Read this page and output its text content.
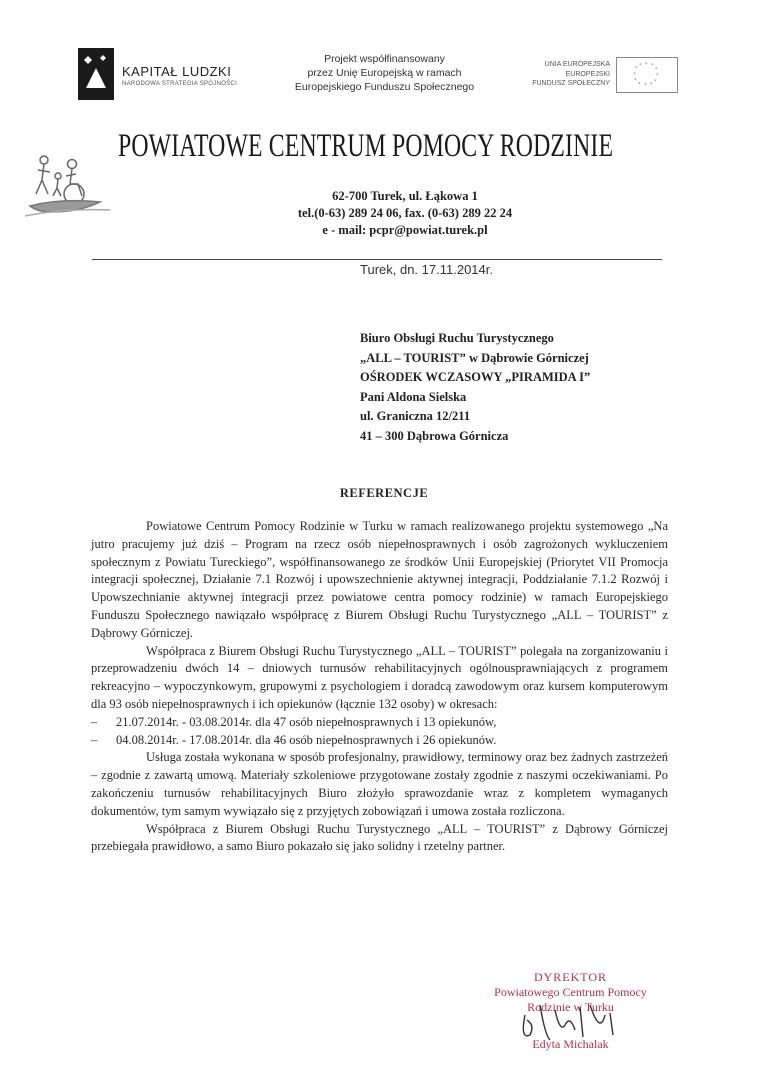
KAPITAŁ LUDZKI
NARODOWA STRATEGIA SPÓJNOŚCI
Projekt współfinansowany
przez Unię Europejską w ramach
Europejskiego Funduszu Społecznego
UNIA EUROPEJSKA
EUROPEJSKI
FUNDUSZ SPOŁECZNY
* *
*
*
*
*
*
*
*
*
* *
POWIATOWE CENTRUM POMOCY RODZINIE
62-700 Turek, ul. Łąkowa 1
tel.(0-63) 289 24 06, fax. (0-63) 289 22 24
e - mail: pcpr@powiat.turek.pl
Turek, dn. 17.11.2014r.
Biuro Obsługi Ruchu Turystycznego
„ALL – TOURIST” w Dąbrowie Górniczej
OŚRODEK WCZASOWY „PIRAMIDA I”
Pani Aldona Sielska
ul. Graniczna 12/211
41 – 300 Dąbrowa Górnicza
REFERENCJE

Powiatowe Centrum Pomocy Rodzinie w Turku w ramach realizowanego projektu systemowego „Na jutro pracujemy już dziś – Program na rzecz osób niepełnosprawnych i osób zagrożonych wykluczeniem społecznym z Powiatu Tureckiego”, współfinansowanego ze środków Unii Europejskiej (Priorytet VII Promocja integracji społecznej, Działanie 7.1 Rozwój i upowszechnienie aktywnej integracji, Poddziałanie 7.1.2 Rozwój i Upowszechnianie aktywnej integracji przez powiatowe centra pomocy rodzinie) w ramach Europejskiego Funduszu Społecznego nawiązało współpracę z Biurem Obsługi Ruchu Turystycznego „ALL – TOURIST” z Dąbrowy Górniczej.

Współpraca z Biurem Obsługi Ruchu Turystycznego „ALL – TOURIST” polegała na zorganizowaniu i przeprowadzeniu dwóch 14 – dniowych turnusów rehabilitacyjnych ogólnousprawniających z programem rekreacyjno – wypoczynkowym, grupowymi z psychologiem i doradcą zawodowym oraz kursem komputerowym dla 93 osób niepełnosprawnych i ich opiekunów (łącznie 132 osoby) w okresach:

– 21.07.2014r. - 03.08.2014r. dla 47 osób niepełnosprawnych i 13 opiekunów,

– 04.08.2014r. - 17.08.2014r. dla 46 osób niepełnosprawnych i 26 opiekunów.

Usługa została wykonana w sposób profesjonalny, prawidłowy, terminowy oraz bez żadnych zastrzeżeń – zgodnie z zawartą umową. Materiały szkoleniowe przygotowane zostały zgodnie z naszymi oczekiwaniami. Po zakończeniu turnusów rehabilitacyjnych Biuro złożyło sprawozdanie wraz z kompletem wymaganych dokumentów, tym samym wywiązało się z przyjętych zobowiązań i umowa została rozliczona.

Współpraca z Biurem Obsługi Ruchu Turystycznego „ALL – TOURIST” z Dąbrowy Górniczej przebiegała prawidłowo, a samo Biuro pokazało się jako solidny i rzetelny partner.

DYREKTOR
Powiatowego Centrum Pomocy
Rodzinie w Turku
Edyta Michalak
